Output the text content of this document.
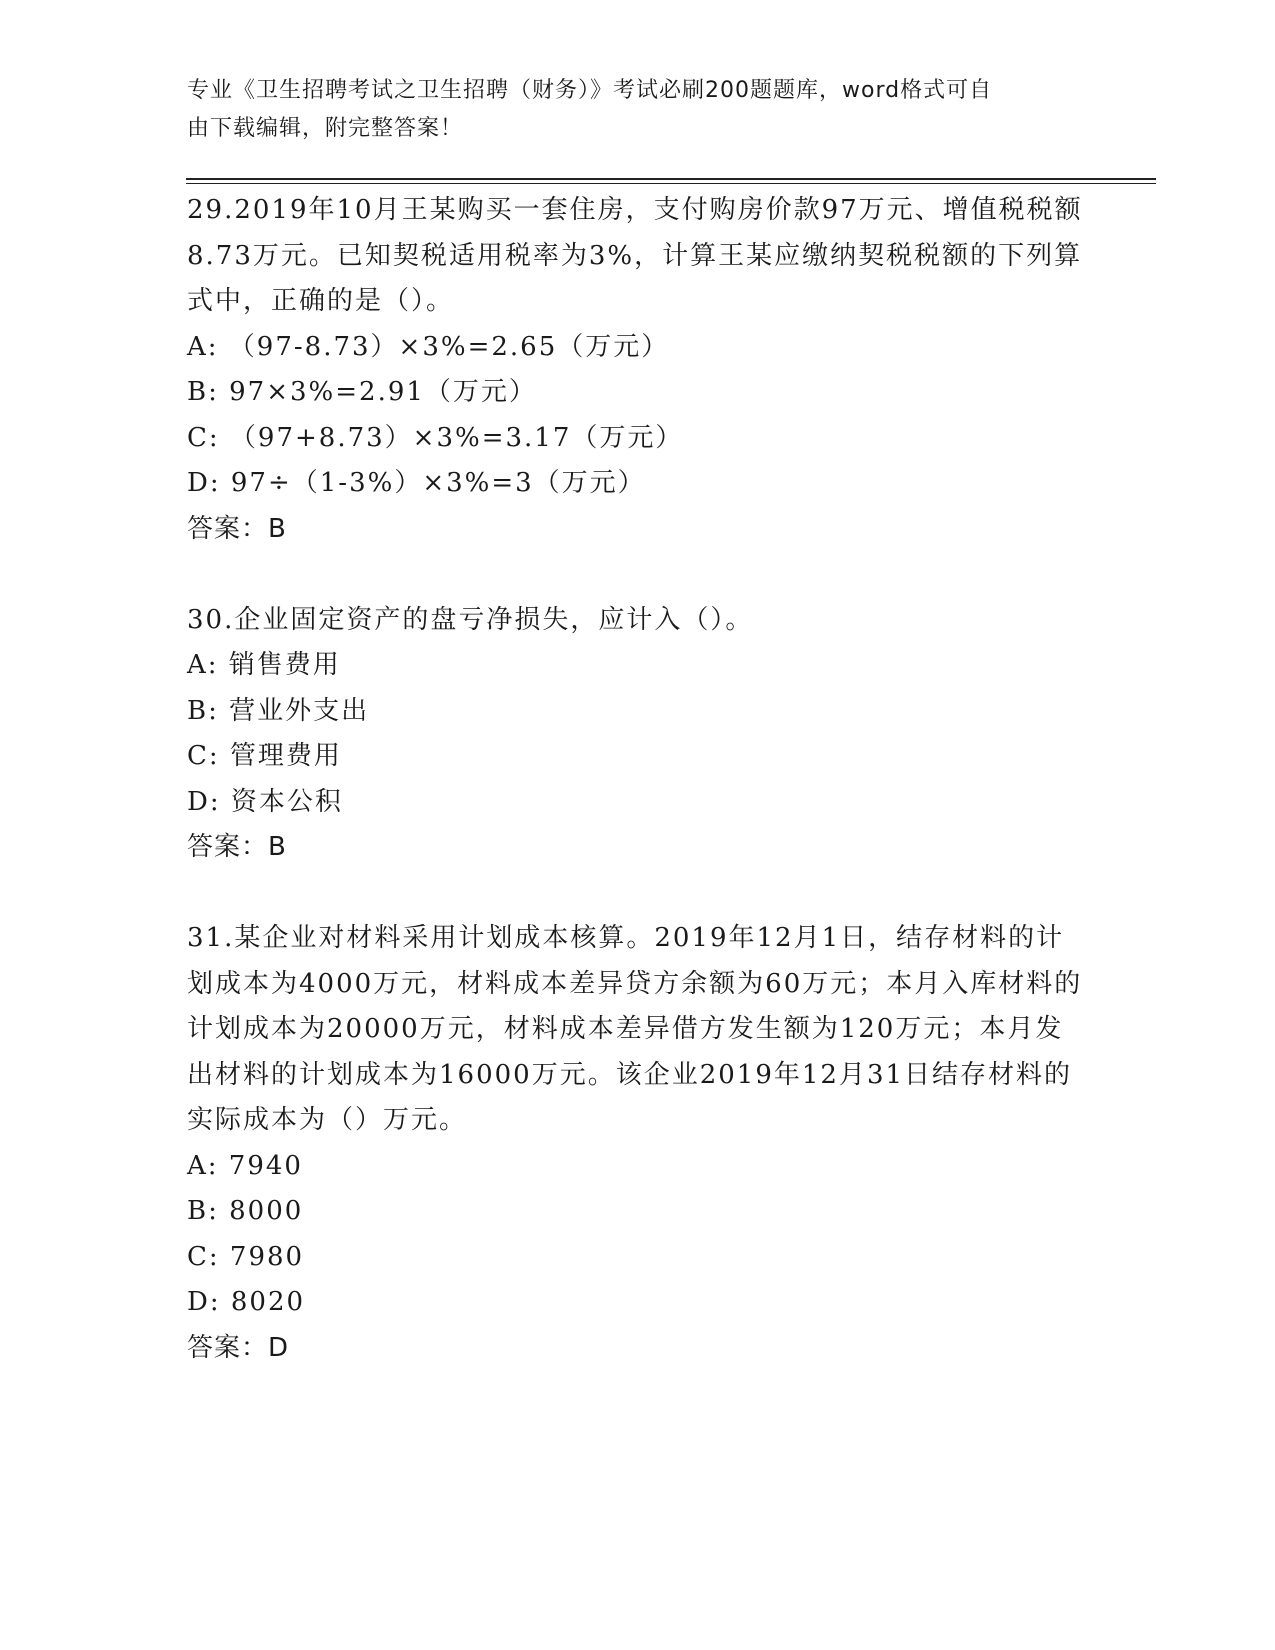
专业《卫生招聘考试之卫生招聘（财务）》考试必刷200题题库，word格式可自
由下载编辑，附完整答案！

29.2019年10月王某购买一套住房，支付购房价款97万元、增值税税额8.73万元。已知契税适用税率为3%，计算王某应缴纳契税税额的下列算式中，正确的是（）。

A: （97-8.73）×3%=2.65（万元）

B: 97×3%=2.91（万元）

C: （97+8.73）×3%=3.17（万元）

D: 97÷（1-3%）×3%=3（万元）

答案：B

30.企业固定资产的盘亏净损失，应计入（）。

A: 销售费用

B: 营业外支出

C: 管理费用

D: 资本公积

答案：B

31.某企业对材料采用计划成本核算。2019年12月1日，结存材料的计划成本为4000万元，材料成本差异贷方余额为60万元；本月入库材料的计划成本为20000万元，材料成本差异借方发生额为120万元；本月发出材料的计划成本为16000万元。该企业2019年12月31日结存材料的实际成本为（）万元。

A: 7940

B: 8000

C: 7980

D: 8020

答案：D
